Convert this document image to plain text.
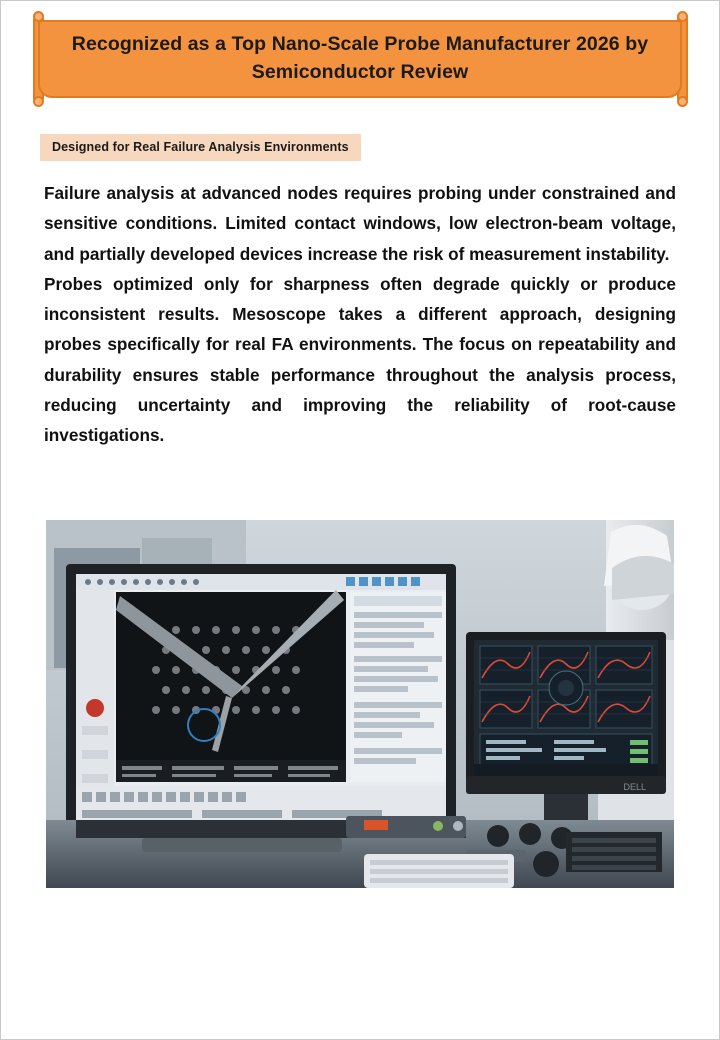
Recognized as a Top Nano-Scale Probe Manufacturer 2026 by Semiconductor Review
Designed for Real Failure Analysis Environments

Failure analysis at advanced nodes requires probing under constrained and sensitive conditions. Limited contact windows, low electron-beam voltage, and partially developed devices increase the risk of measurement instability.

Probes optimized only for sharpness often degrade quickly or produce inconsistent results. Mesoscope takes a different approach, designing probes specifically for real FA environments. The focus on repeatability and durability ensures stable performance throughout the analysis process, reducing uncertainty and improving the reliability of root-cause investigations.

DELL
